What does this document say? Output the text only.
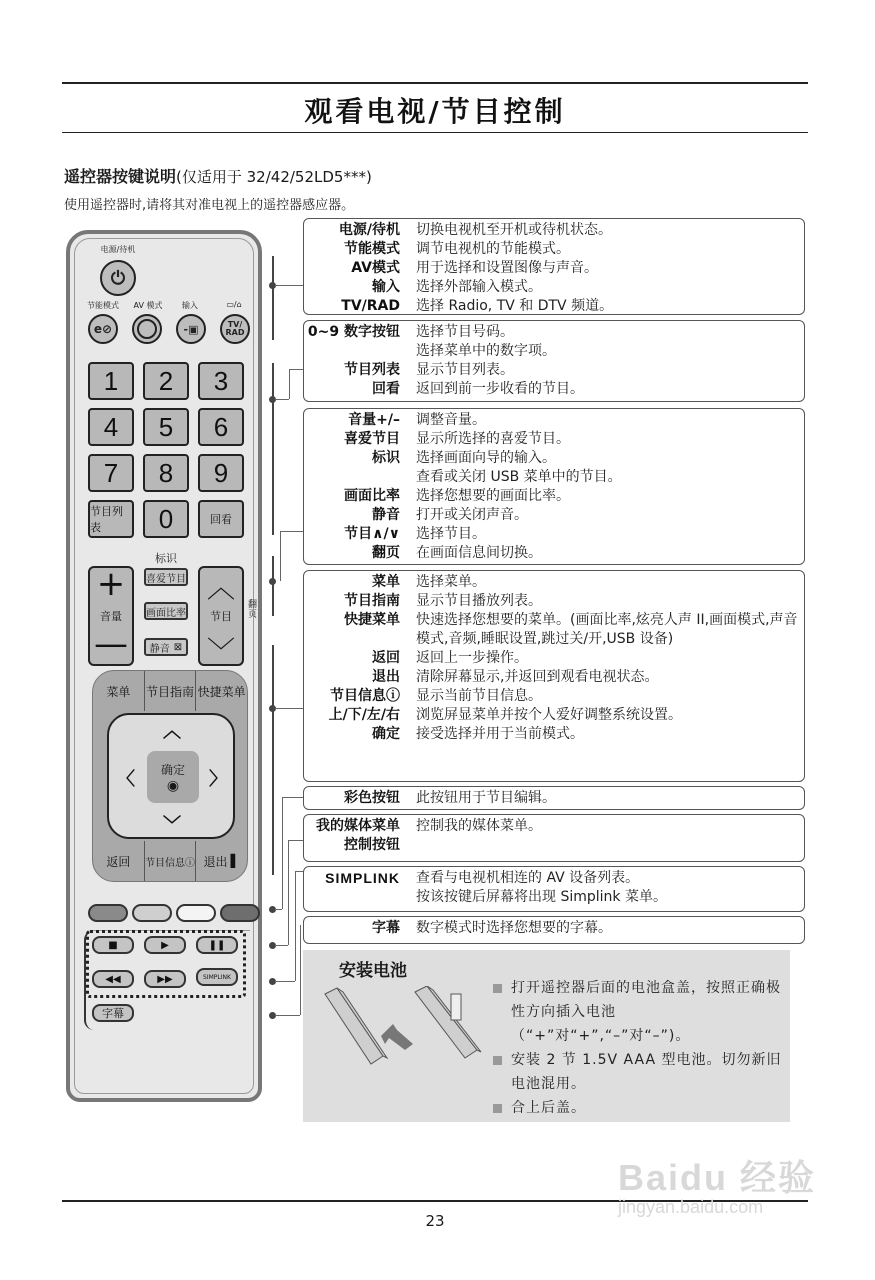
观看电视/节目控制
遥控器按键说明(仅适用于 32/42/52LD5***)
使用遥控器时,请将其对准电视上的遥控器感应器。
电源/待机
⏻
节能模式 AV 模式 输入	▭/⌂
e⊘	-▣	TV/RAD
1	2	3
4	5	6
7	8	9
节目列表	0	回看
标识
+
音量
—
喜爱节目
画面比率
静音 ⊠
︿
节目
﹀
翻页
菜单	节目指南 快捷菜单
︿
〈	〉
﹀
确定
◉
返回	节目信息ⓘ 退出 ▌
■	▶	❚❚
◀◀	▶▶	SIMPLINK
字幕
电源/待机	切换电视机至开机或待机状态。
节能模式	调节电视机的节能模式。
AV模式	用于选择和设置图像与声音。
输入	选择外部输入模式。
TV/RAD	选择 Radio, TV 和 DTV 频道。
0~9 数字按钮	选择节目号码。
选择菜单中的数字项。
节目列表	显示节目列表。
回看	返回到前一步收看的节目。
音量+/–	调整音量。
喜爱节目	显示所选择的喜爱节目。
标识	选择画面向导的输入。
查看或关闭 USB 菜单中的节目。
画面比率	选择您想要的画面比率。
静音	打开或关闭声音。
节目∧/∨	选择节目。
翻页	在画面信息间切换。
菜单	选择菜单。
节目指南	显示节目播放列表。
快捷菜单	快速选择您想要的菜单。(画面比率,炫亮人声 II,画面模式,声音模式,音频,睡眠设置,跳过关/开,USB 设备)
返回	返回上一步操作。
退出	清除屏幕显示,并返回到观看电视状态。
节目信息ⓘ	显示当前节目信息。
上/下/左/右	浏览屏显菜单并按个人爱好调整系统设置。
确定	接受选择并用于当前模式。
彩色按钮	此按钮用于节目编辑。
我的媒体菜单	控制我的媒体菜单。
控制按钮
SIMPLINK	查看与电视机相连的 AV 设备列表。
按该按键后屏幕将出现 Simplink 菜单。
字幕	数字模式时选择您想要的字幕。
安装电池
打开遥控器后面的电池盒盖，按照正确极性方向插入电池（“+”对“+”,“–”对“–”)。
安装 2 节 1.5V AAA 型电池。切勿新旧电池混用。
合上后盖。
23
Baidu 经验
jingyan.baidu.com
